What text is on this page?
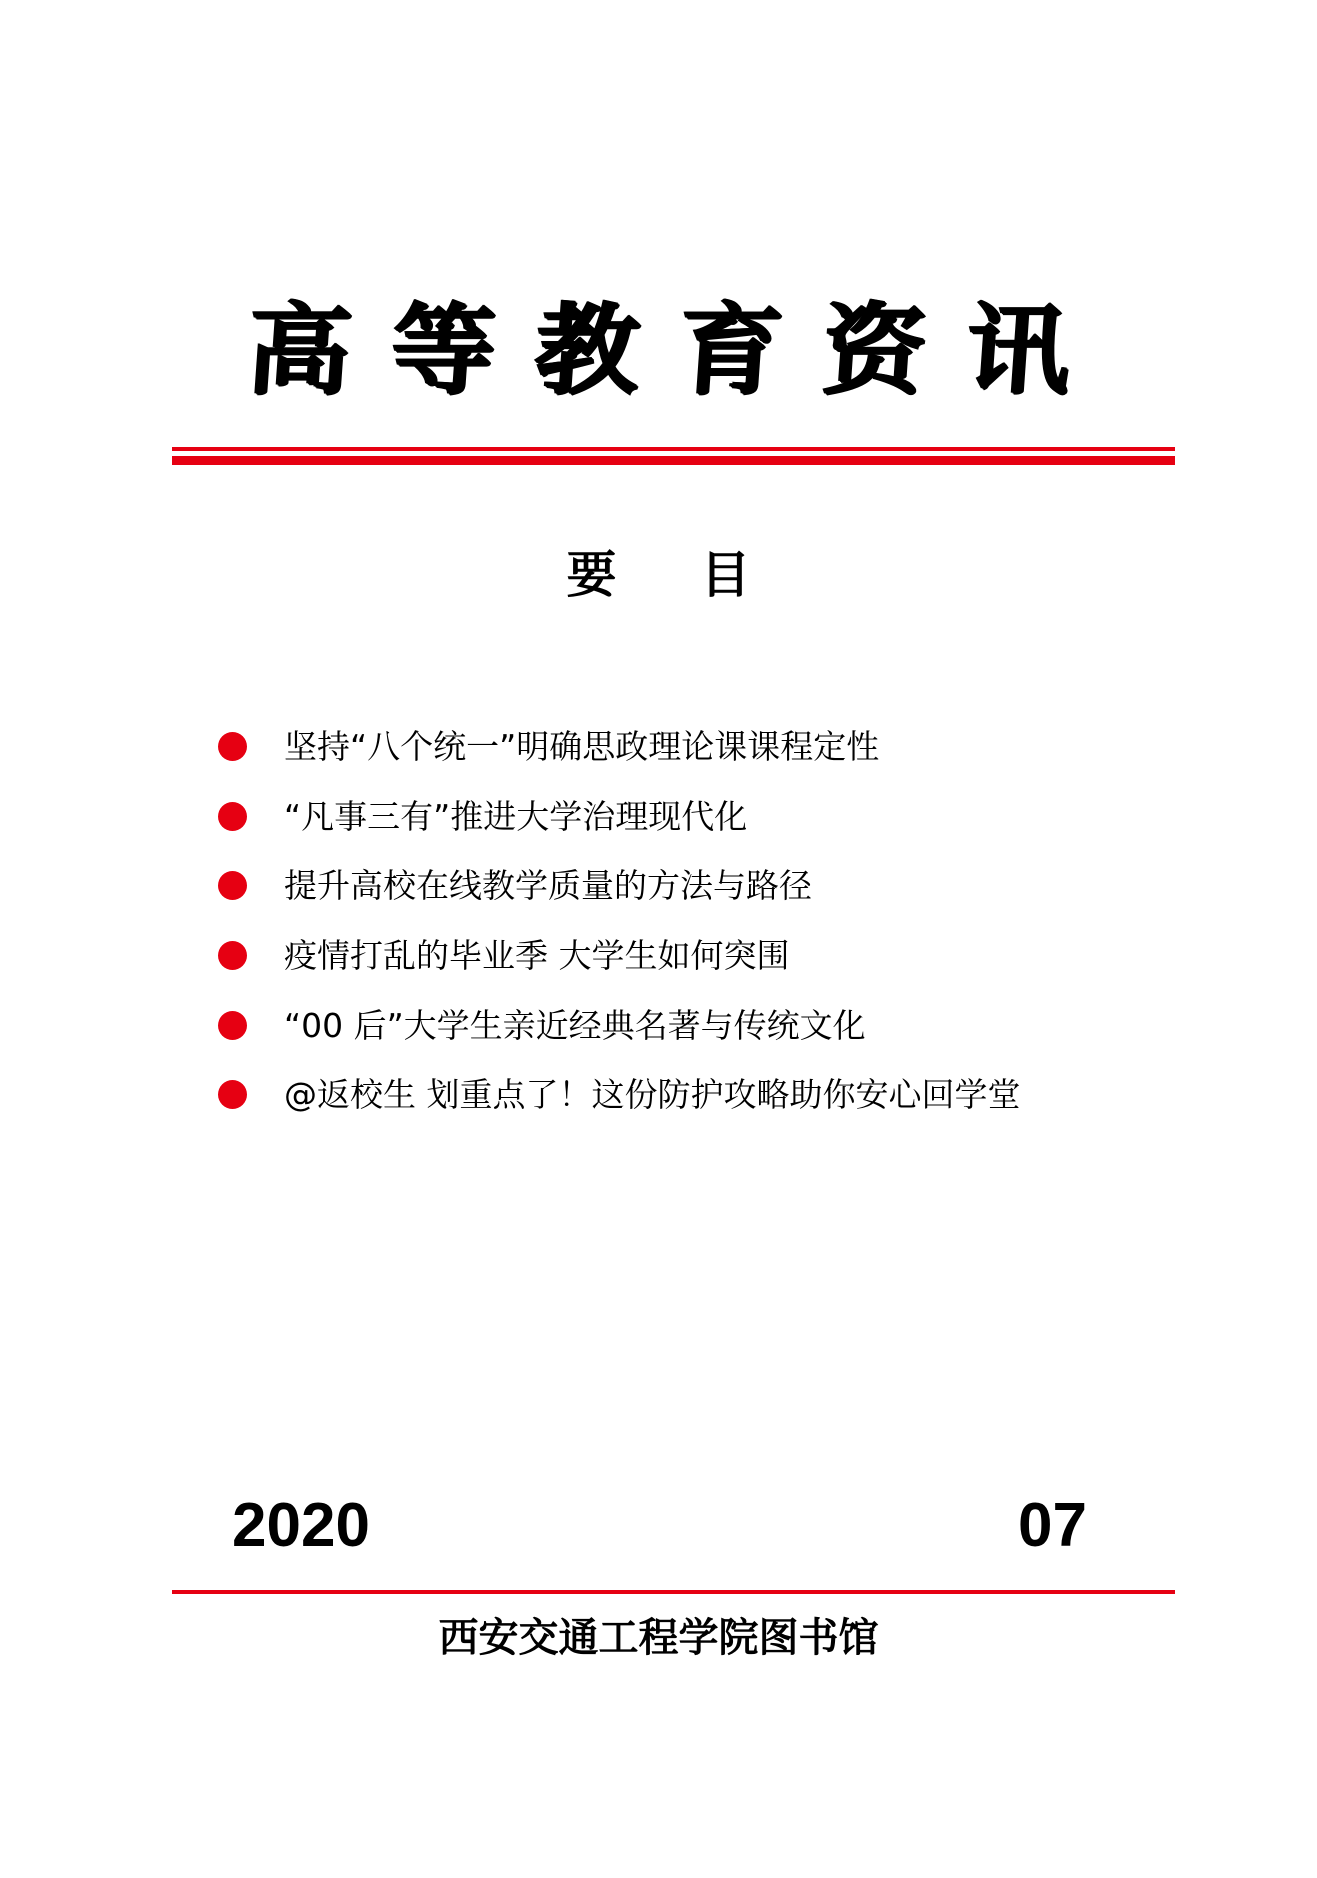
高 等 教 育 资 讯
要 目
坚持“八个统一”明确思政理论课课程定性
“凡事三有”推进大学治理现代化
提升高校在线教学质量的方法与路径
疫情打乱的毕业季 大学生如何突围
“00 后”大学生亲近经典名著与传统文化
@返校生 划重点了！这份防护攻略助你安心回学堂
2020	07
西安交通工程学院图书馆
